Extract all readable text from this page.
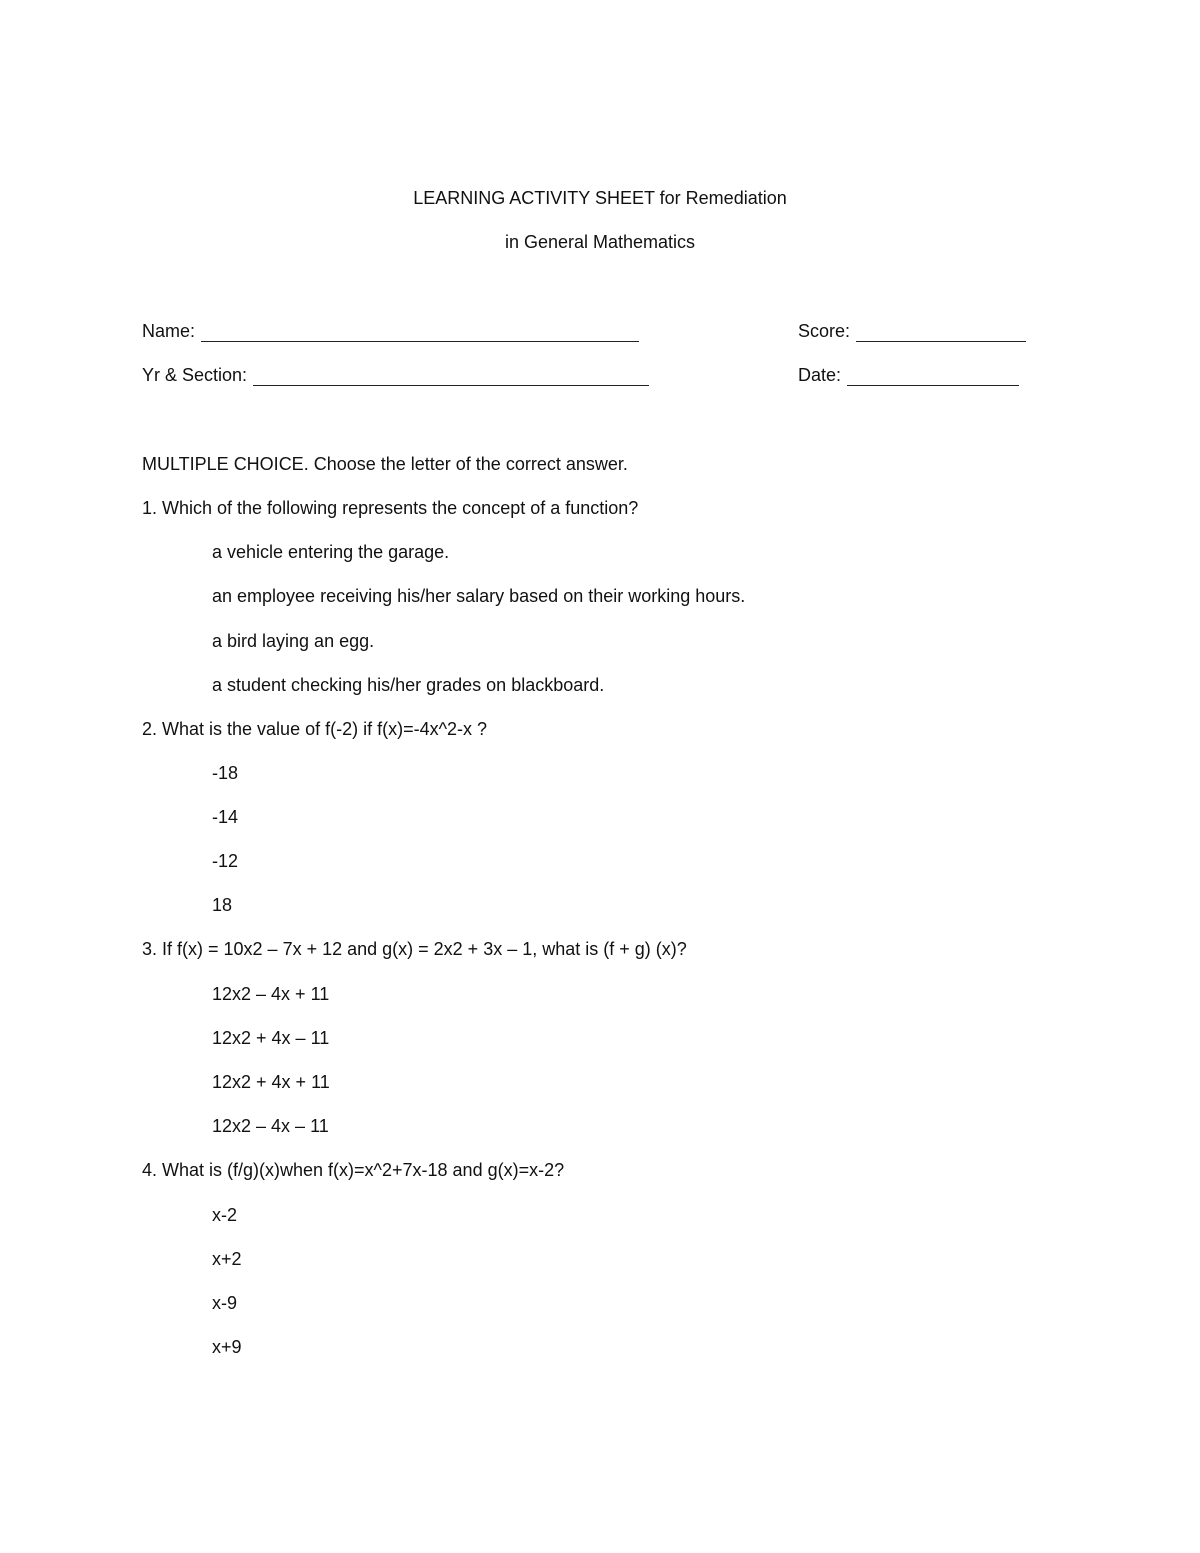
LEARNING ACTIVITY SHEET for Remediation
in General Mathematics
Name:	Score:
Yr & Section:	Date:
MULTIPLE CHOICE. Choose the letter of the correct answer.
1. Which of the following represents the concept of a function?
a vehicle entering the garage.
an employee receiving his/her salary based on their working hours.
a bird laying an egg.
a student checking his/her grades on blackboard.
2. What is the value of f(-2) if f(x)=-4x^2-x ?
-18
-14
-12
18
3. If f(x) = 10x2 – 7x + 12 and g(x) = 2x2 + 3x – 1, what is (f + g) (x)?
12x2 – 4x + 11
12x2 + 4x – 11
12x2 + 4x + 11
12x2 – 4x – 11
4. What is (f/g)(x)when f(x)=x^2+7x-18 and g(x)=x-2?
x-2
x+2
x-9
x+9
